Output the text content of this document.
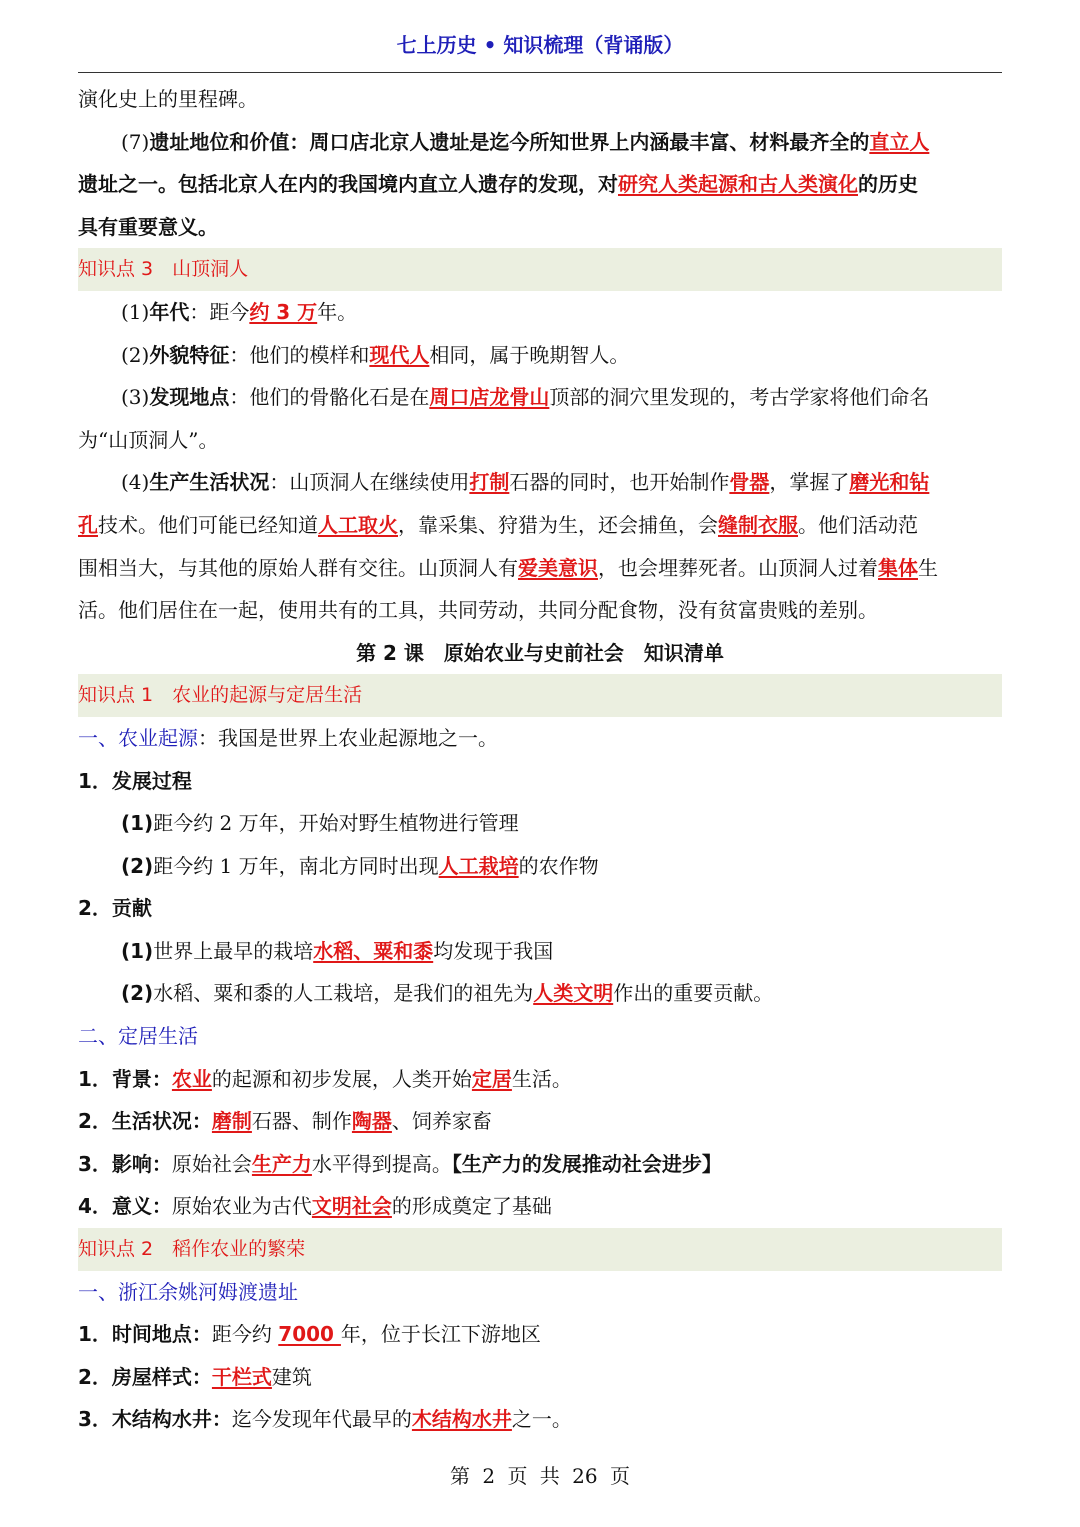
七上历史 • 知识梳理（背诵版）
演化史上的里程碑。
(7)遗址地位和价值：周口店北京人遗址是迄今所知世界上内涵最丰富、材料最齐全的直立人
遗址之一。包括北京人在内的我国境内直立人遗存的发现，对研究人类起源和古人类演化的历史
具有重要意义。
知识点 3　山顶洞人
(1)年代：距今约 3 万年。
(2)外貌特征：他们的模样和现代人相同，属于晚期智人。
(3)发现地点：他们的骨骼化石是在周口店龙骨山顶部的洞穴里发现的，考古学家将他们命名
为“山顶洞人”。
(4)生产生活状况：山顶洞人在继续使用打制石器的同时，也开始制作骨器，掌握了磨光和钻
孔技术。他们可能已经知道人工取火，靠采集、狩猎为生，还会捕鱼，会缝制衣服。他们活动范
围相当大，与其他的原始人群有交往。山顶洞人有爱美意识，也会埋葬死者。山顶洞人过着集体生
活。他们居住在一起，使用共有的工具，共同劳动，共同分配食物，没有贫富贵贱的差别。
第 2 课　原始农业与史前社会　知识清单
知识点 1　农业的起源与定居生活
一、农业起源：我国是世界上农业起源地之一。
1．发展过程
(1)距今约 2 万年，开始对野生植物进行管理
(2)距今约 1 万年，南北方同时出现人工栽培的农作物
2．贡献
(1)世界上最早的栽培水稻、粟和黍均发现于我国
(2)水稻、粟和黍的人工栽培，是我们的祖先为人类文明作出的重要贡献。
二、定居生活
1．背景：农业的起源和初步发展，人类开始定居生活。
2．生活状况：磨制石器、制作陶器、饲养家畜
3．影响：原始社会生产力水平得到提高。【生产力的发展推动社会进步】
4．意义：原始农业为古代文明社会的形成奠定了基础
知识点 2　稻作农业的繁荣
一、浙江余姚河姆渡遗址
1．时间地点：距今约 7000 年，位于长江下游地区
2．房屋样式：干栏式建筑
3．木结构水井：迄今发现年代最早的木结构水井之一。
第 2 页 共 26 页
